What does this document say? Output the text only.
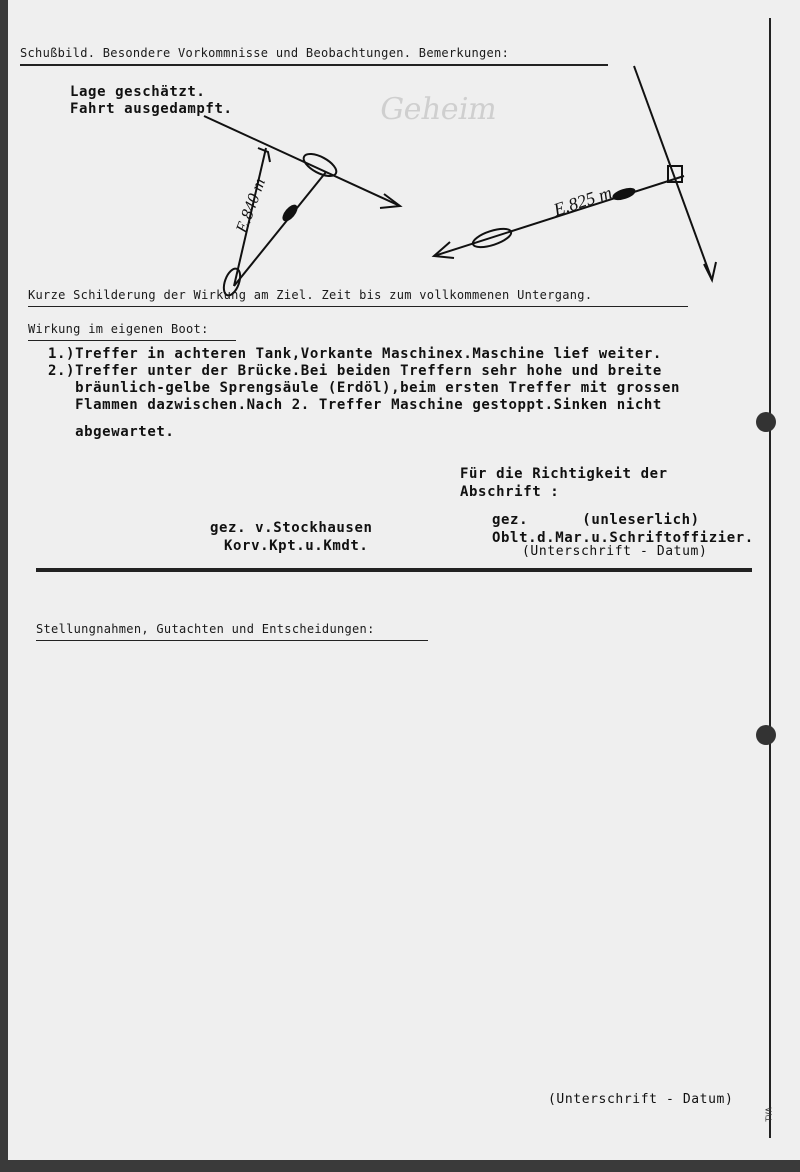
Geheim
Schußbild. Besondere Vorkommnisse und Beobachtungen. Bemerkungen:
Lage geschätzt.
Fahrt ausgedampft.
E.840 m	E.825 m
Kurze Schilderung der Wirkung am Ziel. Zeit bis zum vollkommenen Untergang.
Wirkung im eigenen Boot:
1.)Treffer in achteren Tank,Vorkante Maschinex.Maschine lief weiter.
2.)Treffer unter der Brücke.Bei beiden Treffern sehr hohe und breite
bräunlich-gelbe Sprengsäule (Erdöl),beim ersten Treffer mit grossen
Flammen dazwischen.Nach 2. Treffer Maschine gestoppt.Sinken nicht
abgewartet.
Für die Richtigkeit der
Abschrift :
gez. v.Stockhausen
Korv.Kpt.u.Kmdt.
gez.      (unleserlich)
Oblt.d.Mar.u.Schriftoffizier.
(Unterschrift - Datum)
Stellungnahmen, Gutachten und Entscheidungen:
(Unterschrift - Datum)
TVA
